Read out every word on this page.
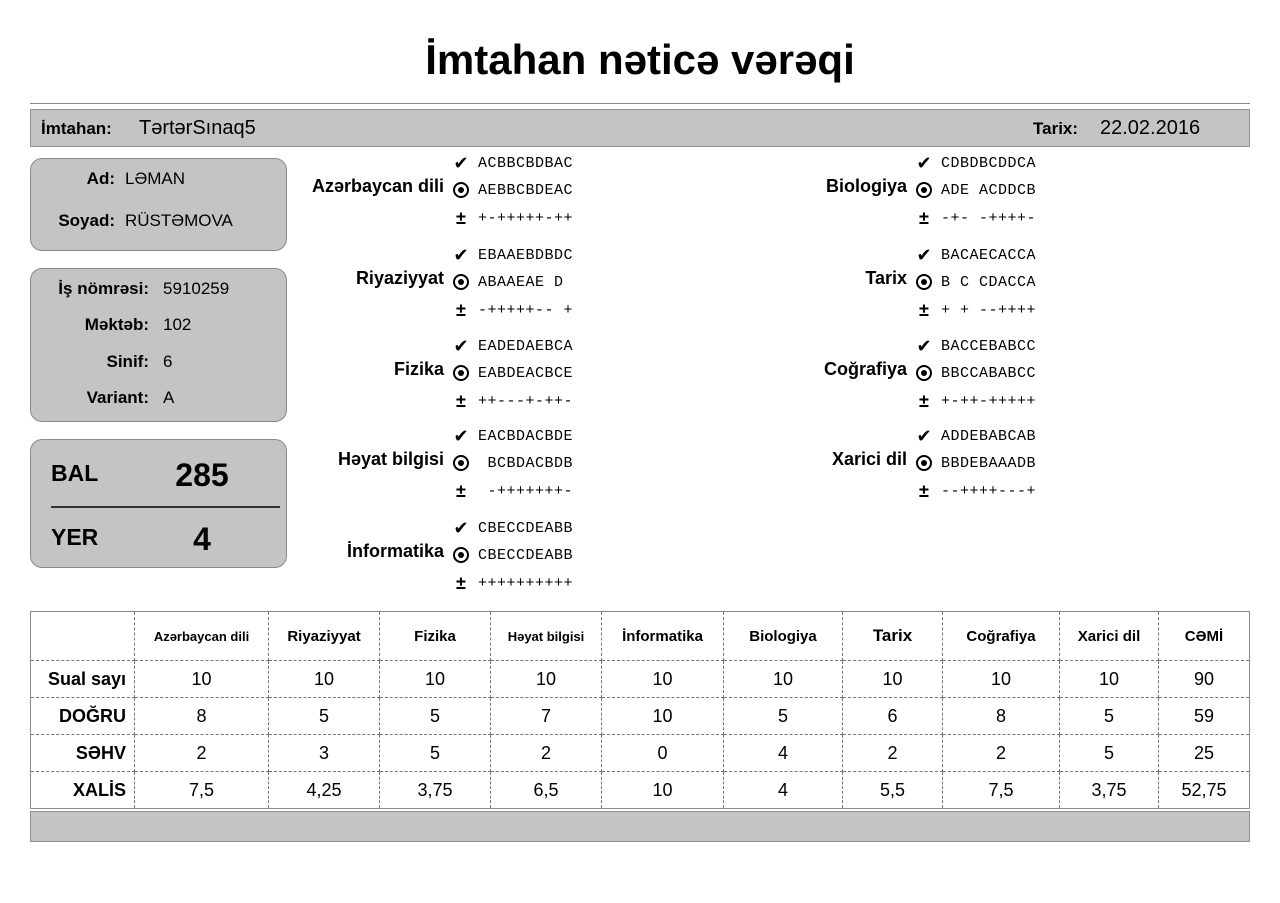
İmtahan nəticə vərəqi
İmtahan: TərtərSınaq5	Tarix: 22.02.2016
Ad: LƏMAN
Soyad: RÜSTƏMOVA
İş nömrəsi: 5910259
Məktəb: 102
Sinif: 6
Variant: A
BAL 285
YER	4
Azərbaycan dili
✔ ACBBCBDBAC
AEBBCBDEAC
± +-+++++-++
Riyaziyyat
✔ EBAAEBDBDC
ABAAEAE D
± -+++++-- +
Fizika
✔ EADEDAEBCA
EABDEACBCE
± ++---+-++-
Həyat bilgisi
✔ EACBDACBDE
BCBDACBDB
± -+++++++-
İnformatika
✔ CBECCDEABB
CBECCDEABB
± ++++++++++
Biologiya
✔ CDBDBCDDCA
ADE ACDDCB
± -+- -++++-
Tarix
✔ BACAECACCA
B C CDACCA
± + + --++++
Coğrafiya
✔ BACCEBABCC
BBCCABABCC
± +-++-+++++
Xarici dil
✔ ADDEBABCAB
BBDEBAAADB
± --++++---+
	Azərbaycan dili	Riyaziyyat	Fizika	Həyat bilgisi	İnformatika	Biologiya	Tarix	Coğrafiya	Xarici dil	CƏMİ
Sual sayı	10	10	10	10	10	10	10	10	10	90
DOĞRU	8	5	5	7	10	5	6	8	5	59
SƏHV	2	3	5	2	0	4	2	2	5	25
XALİS	7,5	4,25	3,75	6,5	10	4	5,5	7,5	3,75	52,75
